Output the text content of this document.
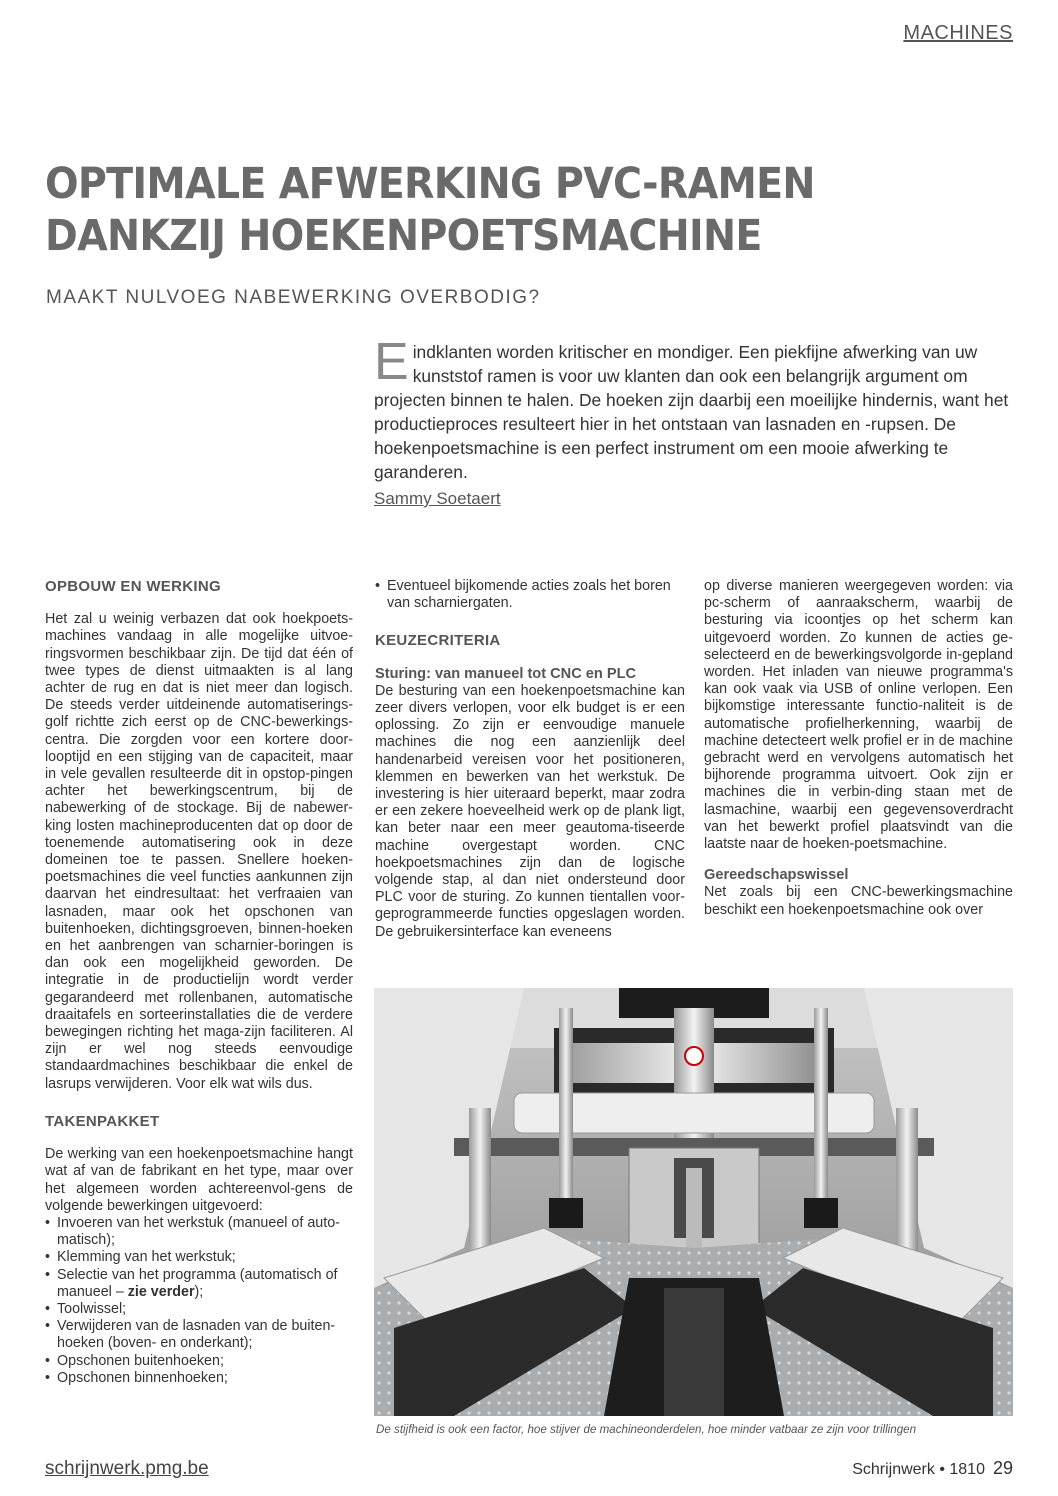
MACHINES
OPTIMALE AFWERKING PVC-RAMEN
DANKZIJ HOEKENPOETSMACHINE
MAAKT NULVOEG NABEWERKING OVERBODIG?
Eindklanten worden kritischer en mondiger. Een piekfijne afwerking van uw kunststof ramen is voor uw klanten dan ook een belangrijk argument om projecten binnen te halen. De hoeken zijn daarbij een moeilijke hindernis, want het productieproces resulteert hier in het ontstaan van lasnaden en -rupsen. De hoekenpoetsmachine is een perfect instrument om een mooie afwerking te garanderen.
Sammy Soetaert
OPBOUW EN WERKING

Het zal u weinig verbazen dat ook hoekpoets-machines vandaag in alle mogelijke uitvoe-ringsvormen beschikbaar zijn. De tijd dat één of twee types de dienst uitmaakten is al lang achter de rug en dat is niet meer dan logisch. De steeds verder uitdeinende automatiserings-golf richtte zich eerst op de CNC-bewerkings-centra. Die zorgden voor een kortere door-looptijd en een stijging van de capaciteit, maar in vele gevallen resulteerde dit in opstop-pingen achter het bewerkingscentrum, bij de nabewerking of de stockage. Bij de nabewer-king losten machineproducenten dat op door de toenemende automatisering ook in deze domeinen toe te passen. Snellere hoeken-poetsmachines die veel functies aankunnen zijn daarvan het eindresultaat: het verfraaien van lasnaden, maar ook het opschonen van buitenhoeken, dichtingsgroeven, binnen-hoeken en het aanbrengen van scharnier-boringen is dan ook een mogelijkheid geworden. De integratie in de productielijn wordt verder gegarandeerd met rollenbanen, automatische draaitafels en sorteerinstallaties die de verdere bewegingen richting het maga-zijn faciliteren. Al zijn er wel nog steeds eenvoudige standaardmachines beschikbaar die enkel de lasrups verwijderen. Voor elk wat wils dus.

TAKENPAKKET

De werking van een hoekenpoetsmachine hangt wat af van de fabrikant en het type, maar over het algemeen worden achtereenvol-gens de volgende bewerkingen uitgevoerd:

• Invoeren van het werkstuk (manueel of auto-matisch);
• Klemming van het werkstuk;
• Selectie van het programma (automatisch of manueel – zie verder);
• Toolwissel;
• Verwijderen van de lasnaden van de buiten-hoeken (boven- en onderkant);
• Opschonen buitenhoeken;
• Opschonen binnenhoeken;
• Eventueel bijkomende acties zoals het boren van scharniergaten.
KEUZECRITERIA
Sturing: van manueel tot CNC en PLC

De besturing van een hoekenpoetsmachine kan zeer divers verlopen, voor elk budget is er een oplossing. Zo zijn er eenvoudige manuele machines die nog een aanzienlijk deel handenarbeid vereisen voor het positioneren, klemmen en bewerken van het werkstuk. De investering is hier uiteraard beperkt, maar zodra er een zekere hoeveelheid werk op de plank ligt, kan beter naar een meer geautoma-tiseerde machine overgestapt worden. CNC hoekpoetsmachines zijn dan de logische volgende stap, al dan niet ondersteund door PLC voor de sturing. Zo kunnen tientallen voor-geprogrammeerde functies opgeslagen worden. De gebruikersinterface kan eveneens

op diverse manieren weergegeven worden: via pc-scherm of aanraakscherm, waarbij de besturing via icoontjes op het scherm kan uitgevoerd worden. Zo kunnen de acties ge-selecteerd en de bewerkingsvolgorde in-gepland worden. Het inladen van nieuwe programma's kan ook vaak via USB of online verlopen. Een bijkomstige interessante functio-naliteit is de automatische profielherkenning, waarbij de machine detecteert welk profiel er in de machine gebracht werd en vervolgens automatisch het bijhorende programma uitvoert. Ook zijn er machines die in verbin-ding staan met de lasmachine, waarbij een gegevensoverdracht van het bewerkt profiel plaatsvindt van die laatste naar de hoeken-poetsmachine.

Gereedschapswissel

Net zoals bij een CNC-bewerkingsmachine beschikt een hoekenpoetsmachine ook over

De stijfheid is ook een factor, hoe stijver de machineonderdelen, hoe minder vatbaar ze zijn voor trillingen
schrijnwerk.pmg.be	Schrijnwerk • 1810 29
